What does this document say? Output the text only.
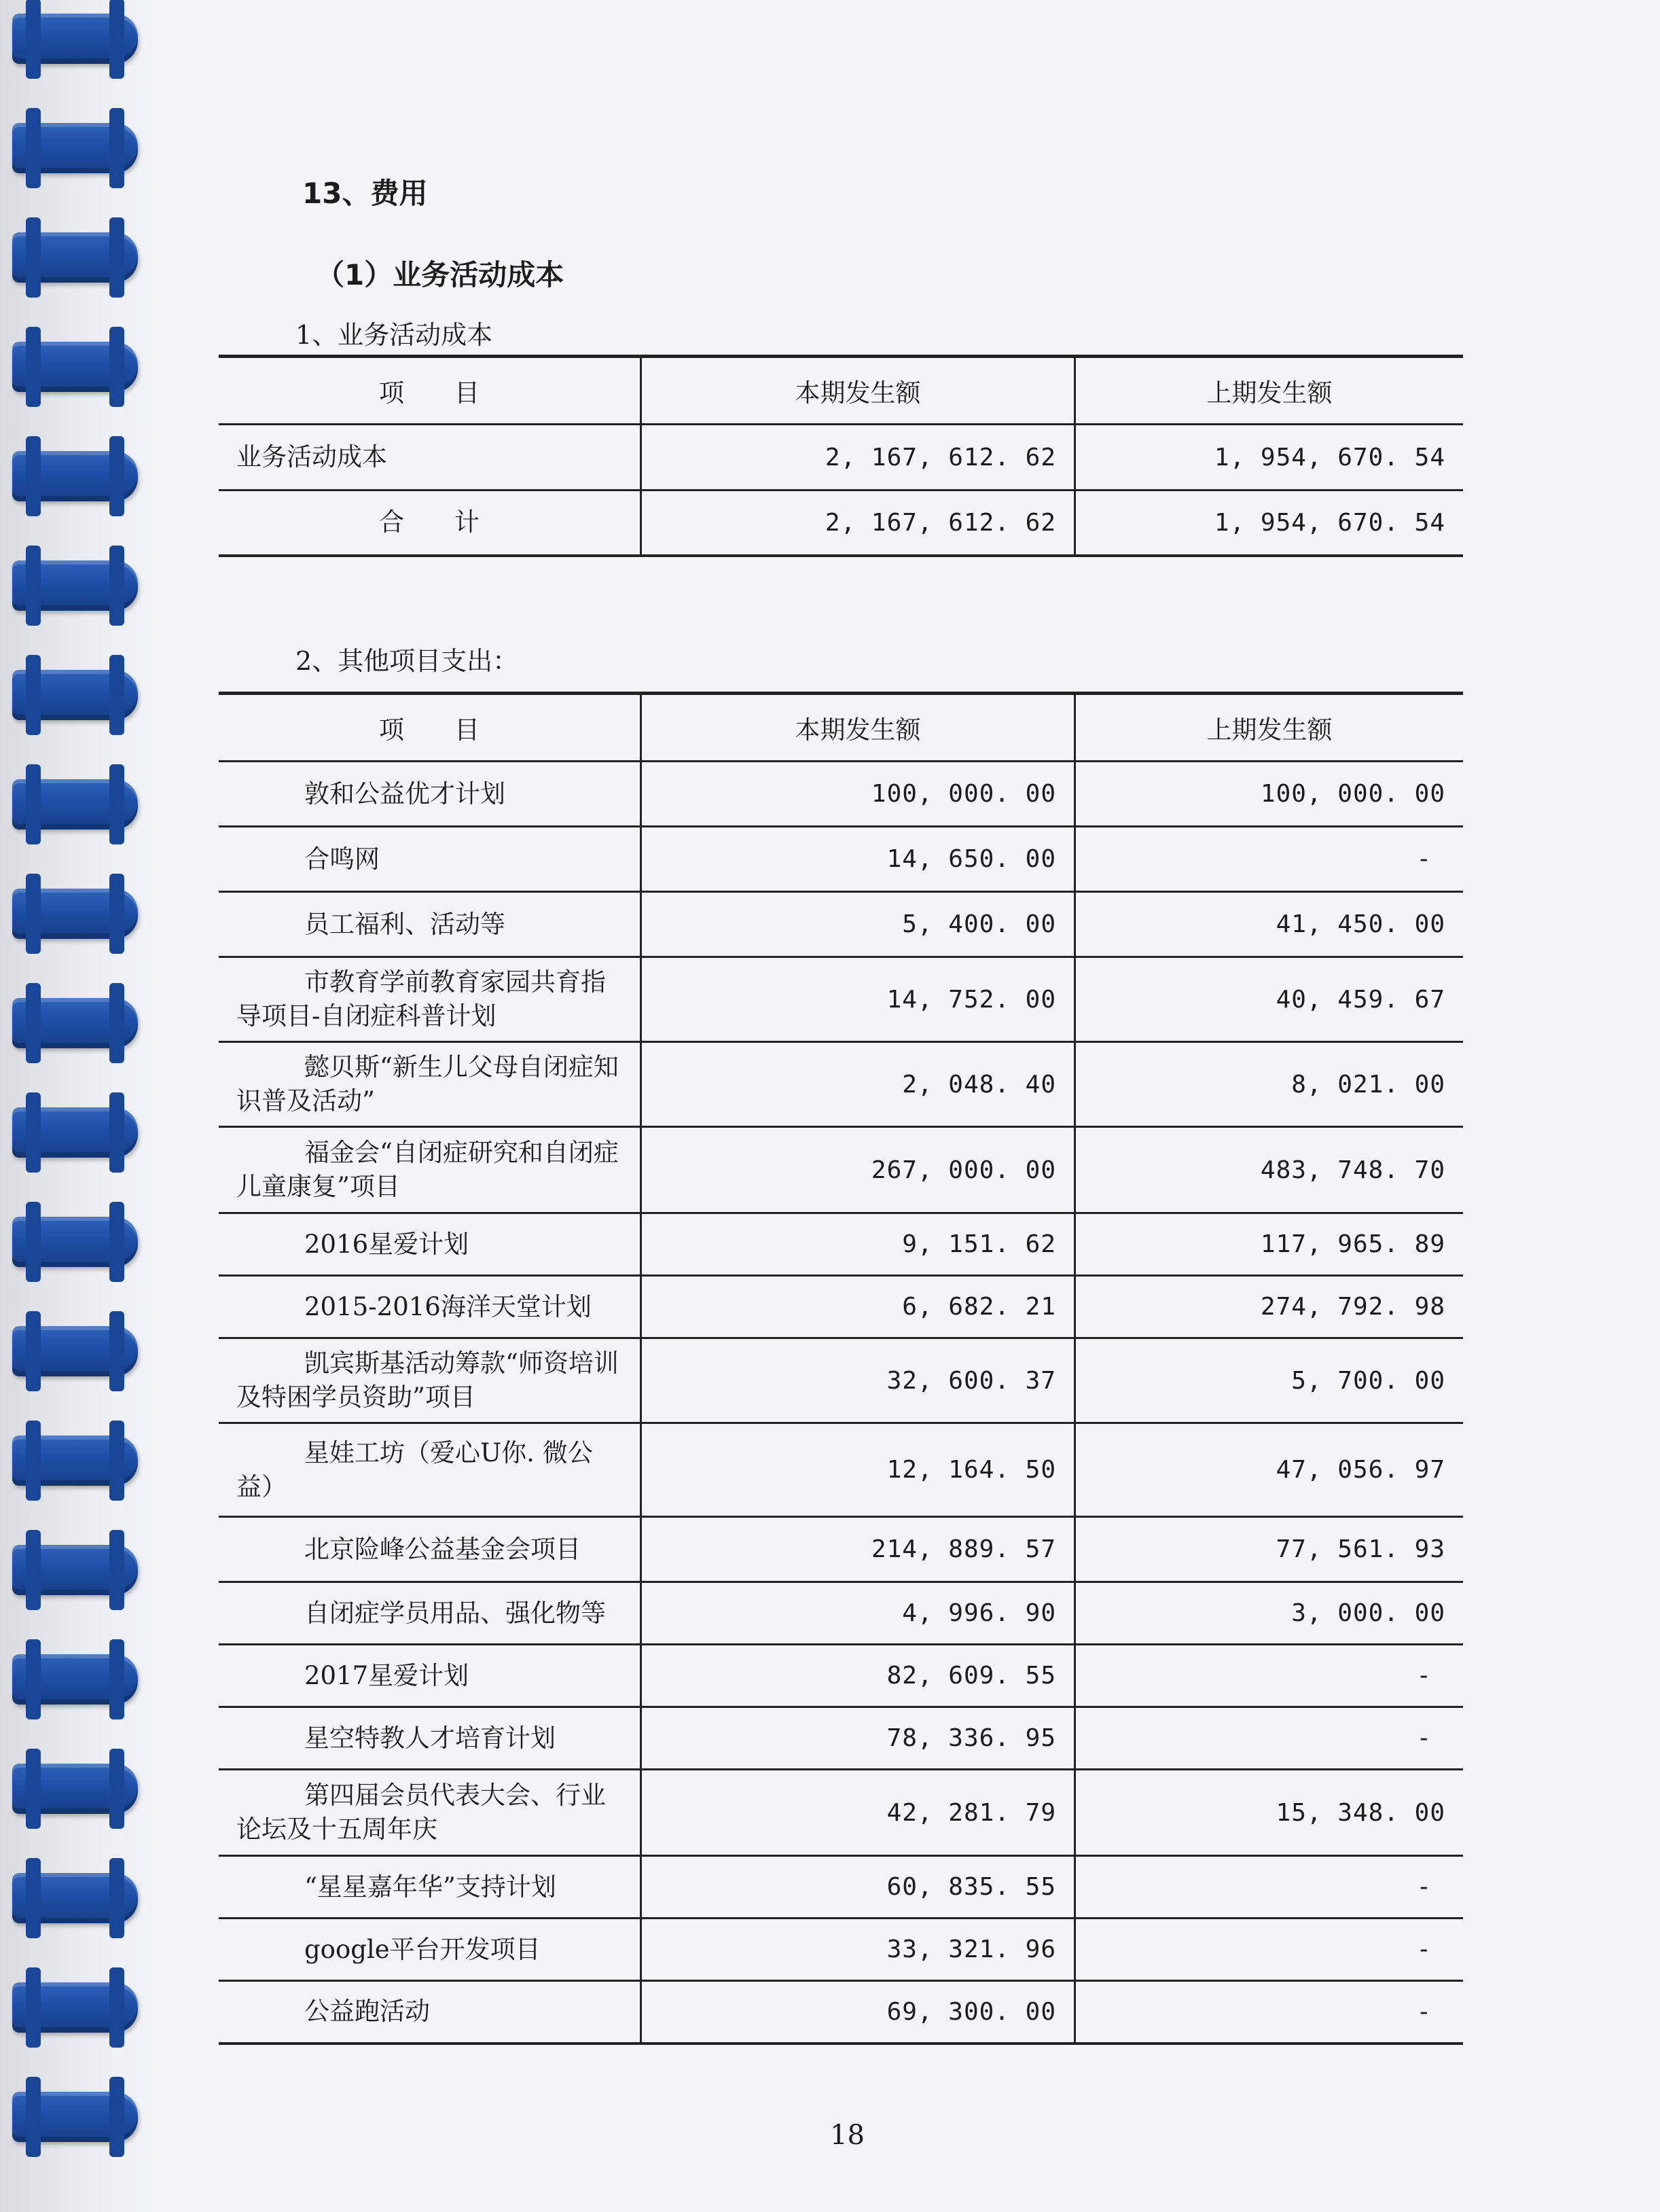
13、费用
（1）业务活动成本
1、业务活动成本
项　　目	本期发生额	上期发生额
业务活动成本	2, 167, 612. 62	1, 954, 670. 54
合　　计	2, 167, 612. 62	1, 954, 670. 54
2、其他项目支出：
项　　目	本期发生额	上期发生额
敦和公益优才计划	100, 000. 00	100, 000. 00
合鸣网	14, 650. 00	-
员工福利、活动等	5, 400. 00	41, 450. 00
市教育学前教育家园共育指导项目-自闭症科普计划	14, 752. 00	40, 459. 67
懿贝斯“新生儿父母自闭症知识普及活动”	2, 048. 40	8, 021. 00
福金会“自闭症研究和自闭症儿童康复”项目	267, 000. 00	483, 748. 70
2016星爱计划	9, 151. 62	117, 965. 89
2015-2016海洋天堂计划	6, 682. 21	274, 792. 98
凯宾斯基活动筹款“师资培训及特困学员资助”项目	32, 600. 37	5, 700. 00
星娃工坊（爱心U你. 微公益）	12, 164. 50	47, 056. 97
北京险峰公益基金会项目	214, 889. 57	77, 561. 93
自闭症学员用品、强化物等	4, 996. 90	3, 000. 00
2017星爱计划	82, 609. 55	-
星空特教人才培育计划	78, 336. 95	-
第四届会员代表大会、行业论坛及十五周年庆	42, 281. 79	15, 348. 00
“星星嘉年华”支持计划	60, 835. 55	-
google平台开发项目	33, 321. 96	-
公益跑活动	69, 300. 00	-
18
